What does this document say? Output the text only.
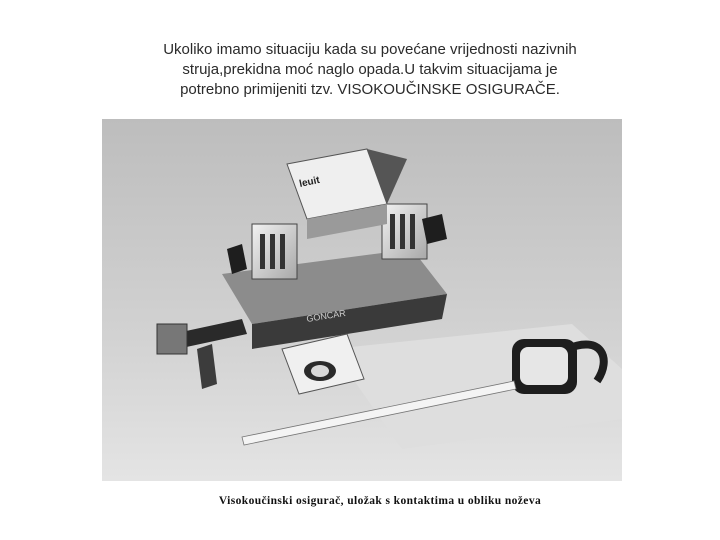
Ukoliko imamo situaciju kada su povećane vrijednosti nazivnih
struja,prekidna moć naglo opada.U takvim situacijama je
potrebno primijeniti tzv. VISOKOUČINSKE OSIGURAČE.
GONCAR
leuit
Visokoučinski osigurač, uložak s kontaktima u obliku noževa
